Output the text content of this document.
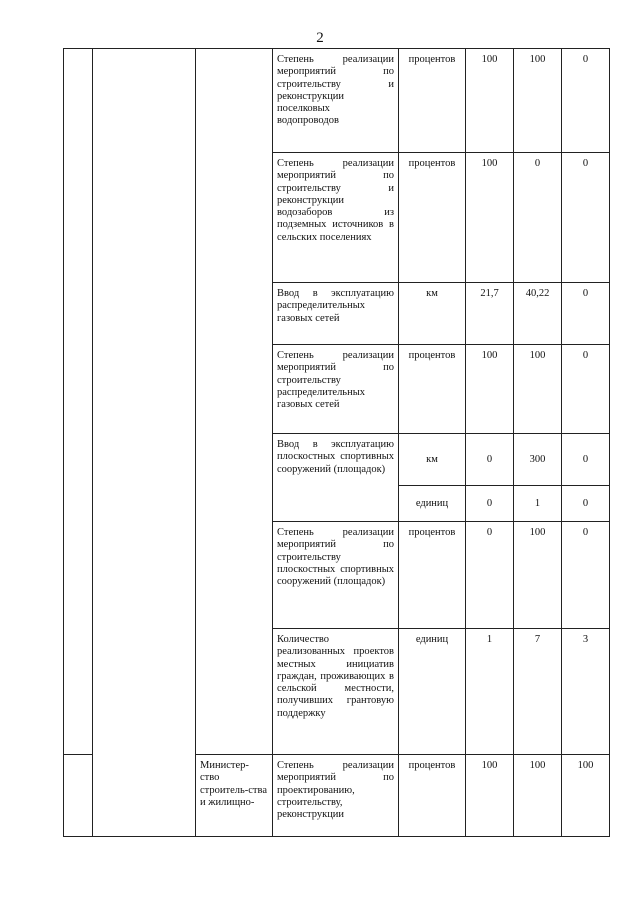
2
			Степень реализации мероприятий по строительству и реконструкции поселковых водопроводов	процентов	100	100	0
			Степень реализации мероприятий по строительству и реконструкции водозаборов из подземных источников в сельских поселениях	процентов	100	0	0
			Ввод в эксплуатацию распределительных газовых сетей	км	21,7	40,22	0
			Степень реализации мероприятий по строительству распределительных газовых сетей	процентов	100	100	0
			Ввод в эксплуатацию плоскостных спортивных сооружений (площадок)	км	0	300	0
				единиц	0	1	0
			Степень реализации мероприятий по строительству плоскостных спортивных сооружений (площадок)	процентов	0	100	0
			Количество реализованных проектов местных инициатив граждан, проживающих в сельской местности, получивших грантовую поддержку	единиц	1	7	3
		Министер-ство строитель-ства и жилищно-	Степень реализации мероприятий по проектированию, строительству, реконструкции	процентов	100	100	100
